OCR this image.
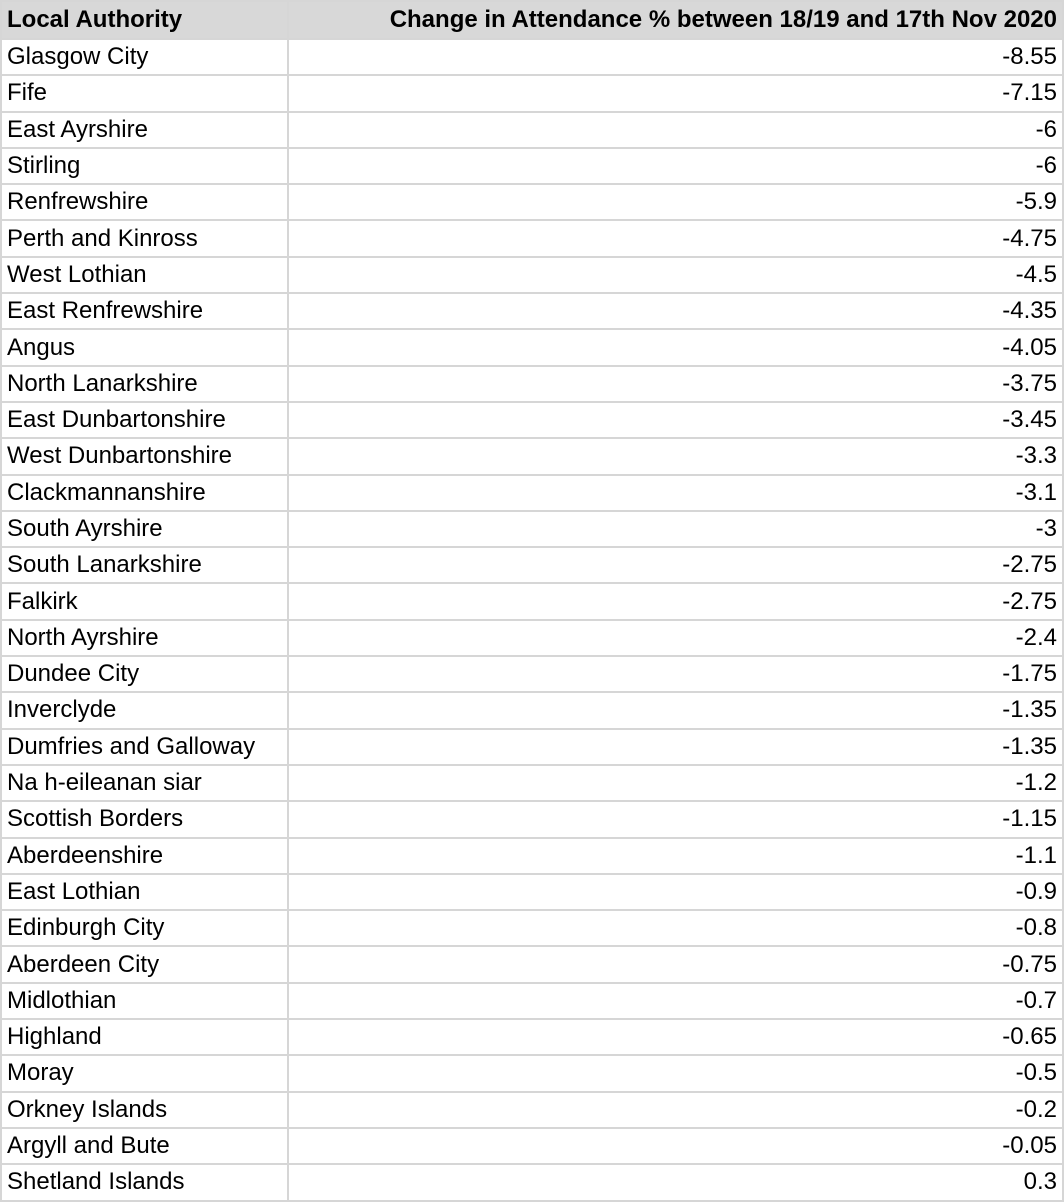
Local Authority	Change in Attendance % between 18/19 and 17th Nov 2020
Glasgow City	-8.55
Fife	-7.15
East Ayrshire	-6
Stirling	-6
Renfrewshire	-5.9
Perth and Kinross	-4.75
West Lothian	-4.5
East Renfrewshire	-4.35
Angus	-4.05
North Lanarkshire	-3.75
East Dunbartonshire	-3.45
West Dunbartonshire	-3.3
Clackmannanshire	-3.1
South Ayrshire	-3
South Lanarkshire	-2.75
Falkirk	-2.75
North Ayrshire	-2.4
Dundee City	-1.75
Inverclyde	-1.35
Dumfries and Galloway	-1.35
Na h-eileanan siar	-1.2
Scottish Borders	-1.15
Aberdeenshire	-1.1
East Lothian	-0.9
Edinburgh City	-0.8
Aberdeen City	-0.75
Midlothian	-0.7
Highland	-0.65
Moray	-0.5
Orkney Islands	-0.2
Argyll and Bute	-0.05
Shetland Islands	0.3
